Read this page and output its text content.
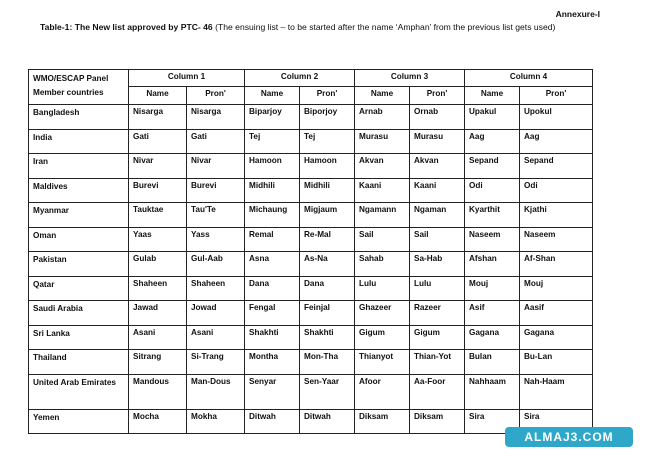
Annexure-I
Table-1: The New list approved by PTC- 46 (The ensuing list – to be started after the name ‘Amphan’ from the previous list gets used)
WMO/ESCAP Panel Member countries	Column 1		Column 2		Column 3		Column 4	
	Name	Pron'	Name	Pron'	Name	Pron'	Name	Pron'
Bangladesh	Nisarga	Nisarga	Biparjoy	Biporjoy	Arnab	Ornab	Upakul	Upokul
India	Gati	Gati	Tej	Tej	Murasu	Murasu	Aag	Aag
Iran	Nivar	Nivar	Hamoon	Hamoon	Akvan	Akvan	Sepand	Sepand
Maldives	Burevi	Burevi	Midhili	Midhili	Kaani	Kaani	Odi	Odi
Myanmar	Tauktae	Tau'Te	Michaung	Migjaum	Ngamann	Ngaman	Kyarthit	Kjathi
Oman	Yaas	Yass	Remal	Re-Mal	Sail	Sail	Naseem	Naseem
Pakistan	Gulab	Gul-Aab	Asna	As-Na	Sahab	Sa-Hab	Afshan	Af-Shan
Qatar	Shaheen	Shaheen	Dana	Dana	Lulu	Lulu	Mouj	Mouj
Saudi Arabia	Jawad	Jowad	Fengal	Feinjal	Ghazeer	Razeer	Asif	Aasif
Sri Lanka	Asani	Asani	Shakhti	Shakhti	Gigum	Gigum	Gagana	Gagana
Thailand	Sitrang	Si-Trang	Montha	Mon-Tha	Thianyot	Thian-Yot	Bulan	Bu-Lan
United Arab Emirates	Mandous	Man-Dous	Senyar	Sen-Yaar	Afoor	Aa-Foor	Nahhaam	Nah-Haam
Yemen	Mocha	Mokha	Ditwah	Ditwah	Diksam	Diksam	Sira	Sira
ALMAJ3.COM
